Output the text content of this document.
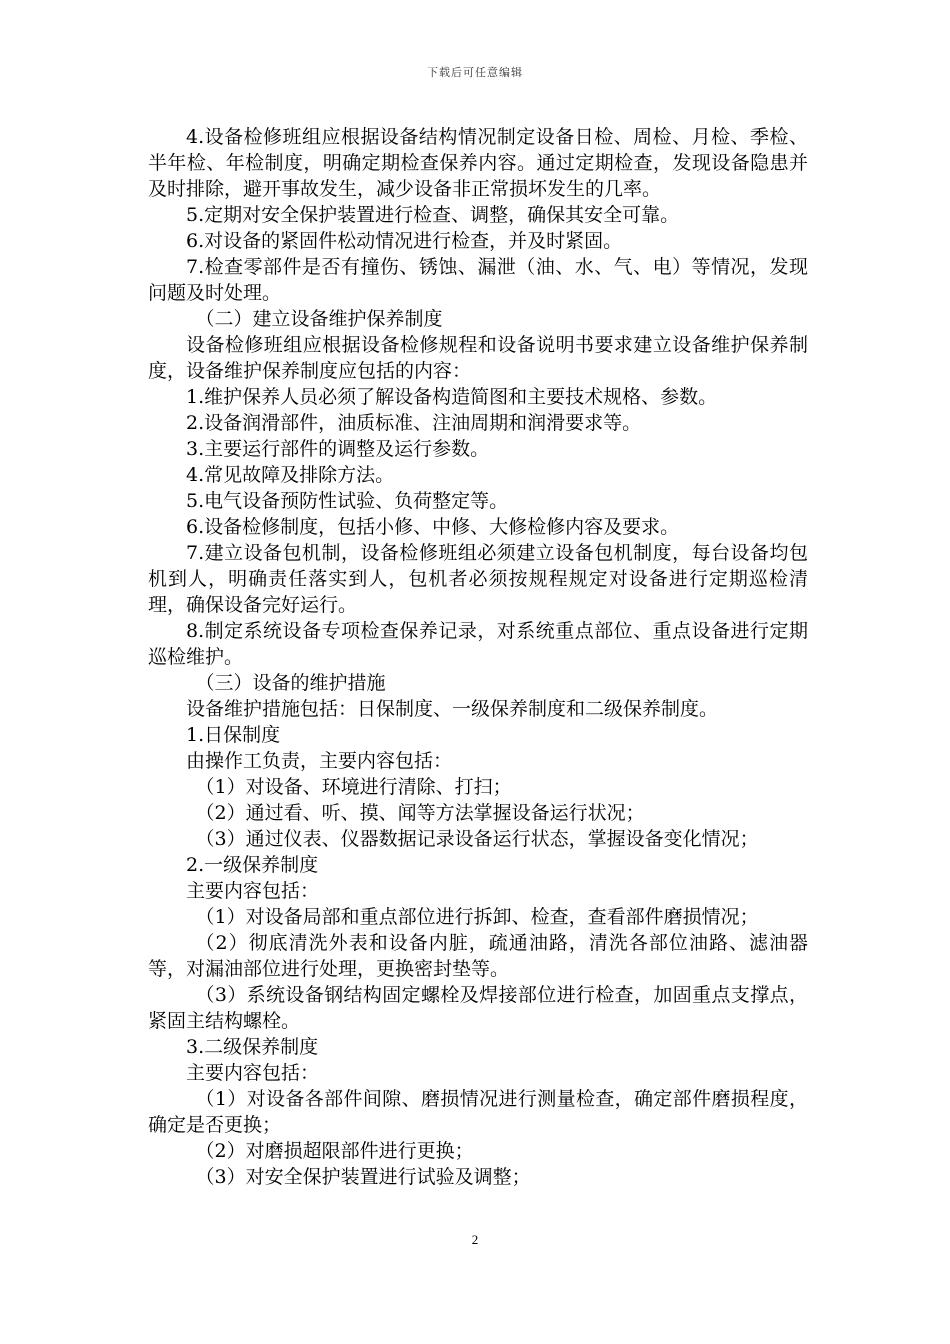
下载后可任意编辑

4.设备检修班组应根据设备结构情况制定设备日检、周检、月检、季检、半年检、年检制度，明确定期检查保养内容。通过定期检查，发现设备隐患并及时排除，避开事故发生，减少设备非正常损坏发生的几率。

5.定期对安全保护装置进行检查、调整，确保其安全可靠。

6.对设备的紧固件松动情况进行检查，并及时紧固。

7.检查零部件是否有撞伤、锈蚀、漏泄（油、水、气、电）等情况，发现问题及时处理。

（二）建立设备维护保养制度

设备检修班组应根据设备检修规程和设备说明书要求建立设备维护保养制度，设备维护保养制度应包括的内容：

1.维护保养人员必须了解设备构造简图和主要技术规格、参数。

2.设备润滑部件，油质标准、注油周期和润滑要求等。

3.主要运行部件的调整及运行参数。

4.常见故障及排除方法。

5.电气设备预防性试验、负荷整定等。

6.设备检修制度，包括小修、中修、大修检修内容及要求。

7.建立设备包机制，设备检修班组必须建立设备包机制度，每台设备均包机到人，明确责任落实到人，包机者必须按规程规定对设备进行定期巡检清理，确保设备完好运行。

8.制定系统设备专项检查保养记录，对系统重点部位、重点设备进行定期巡检维护。

（三）设备的维护措施

设备维护措施包括：日保制度、一级保养制度和二级保养制度。

1.日保制度

由操作工负责，主要内容包括：

（1）对设备、环境进行清除、打扫；

（2）通过看、听、摸、闻等方法掌握设备运行状况；

（3）通过仪表、仪器数据记录设备运行状态，掌握设备变化情况；

2.一级保养制度

主要内容包括：

（1）对设备局部和重点部位进行拆卸、检查，查看部件磨损情况；

（2）彻底清洗外表和设备内脏，疏通油路，清洗各部位油路、滤油器等，对漏油部位进行处理，更换密封垫等。

（3）系统设备钢结构固定螺栓及焊接部位进行检查，加固重点支撑点，紧固主结构螺栓。

3.二级保养制度

主要内容包括：

（1）对设备各部件间隙、磨损情况进行测量检查，确定部件磨损程度，确定是否更换；

（2）对磨损超限部件进行更换；

（3）对安全保护装置进行试验及调整；

2
